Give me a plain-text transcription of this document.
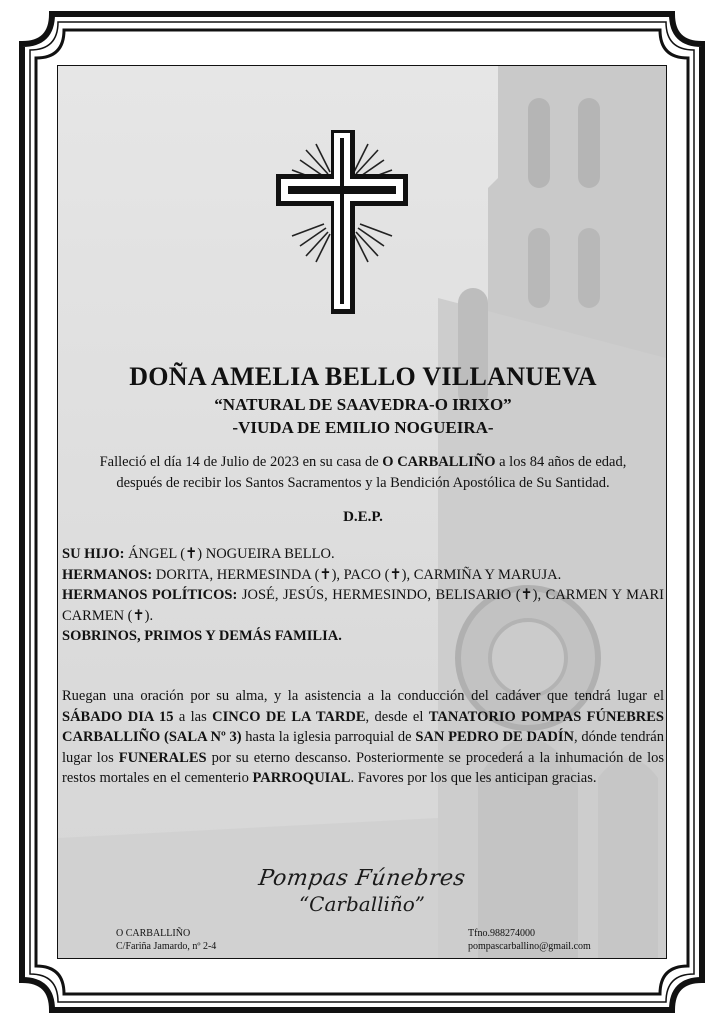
DOÑA AMELIA BELLO VILLANUEVA
“NATURAL DE SAAVEDRA-O IRIXO”
-VIUDA DE EMILIO NOGUEIRA-
Falleció el día 14 de Julio de 2023 en su casa de O CARBALLIÑO a los 84 años de edad,
después de recibir los Santos Sacramentos y la Bendición Apostólica de Su Santidad.
D.E.P.

SU HIJO: ÁNGEL (✝) NOGUEIRA BELLO.

HERMANOS: DORITA, HERMESINDA (✝), PACO (✝), CARMIÑA Y MARUJA.

HERMANOS POLÍTICOS: JOSÉ, JESÚS, HERMESINDO, BELISARIO (✝), CARMEN Y MARI CARMEN (✝).

SOBRINOS, PRIMOS Y DEMÁS FAMILIA.

Ruegan una oración por su alma, y la asistencia a la conducción del cadáver que tendrá lugar el SÁBADO DIA 15 a las CINCO DE LA TARDE, desde el TANATORIO POMPAS FÚNEBRES CARBALLIÑO (SALA Nº 3) hasta la iglesia parroquial de SAN PEDRO DE DADÍN, dónde tendrán lugar los FUNERALES por su eterno descanso. Posteriormente se procederá a la inhumación de los restos mortales en el cementerio PARROQUIAL. Favores por los que les anticipan gracias.
Pompas Fúnebres
“Carballiño”
O CARBALLIÑO
C/Fariña Jamardo, nº 2-4
Tfno.988274000
pompascarballino@gmail.com
